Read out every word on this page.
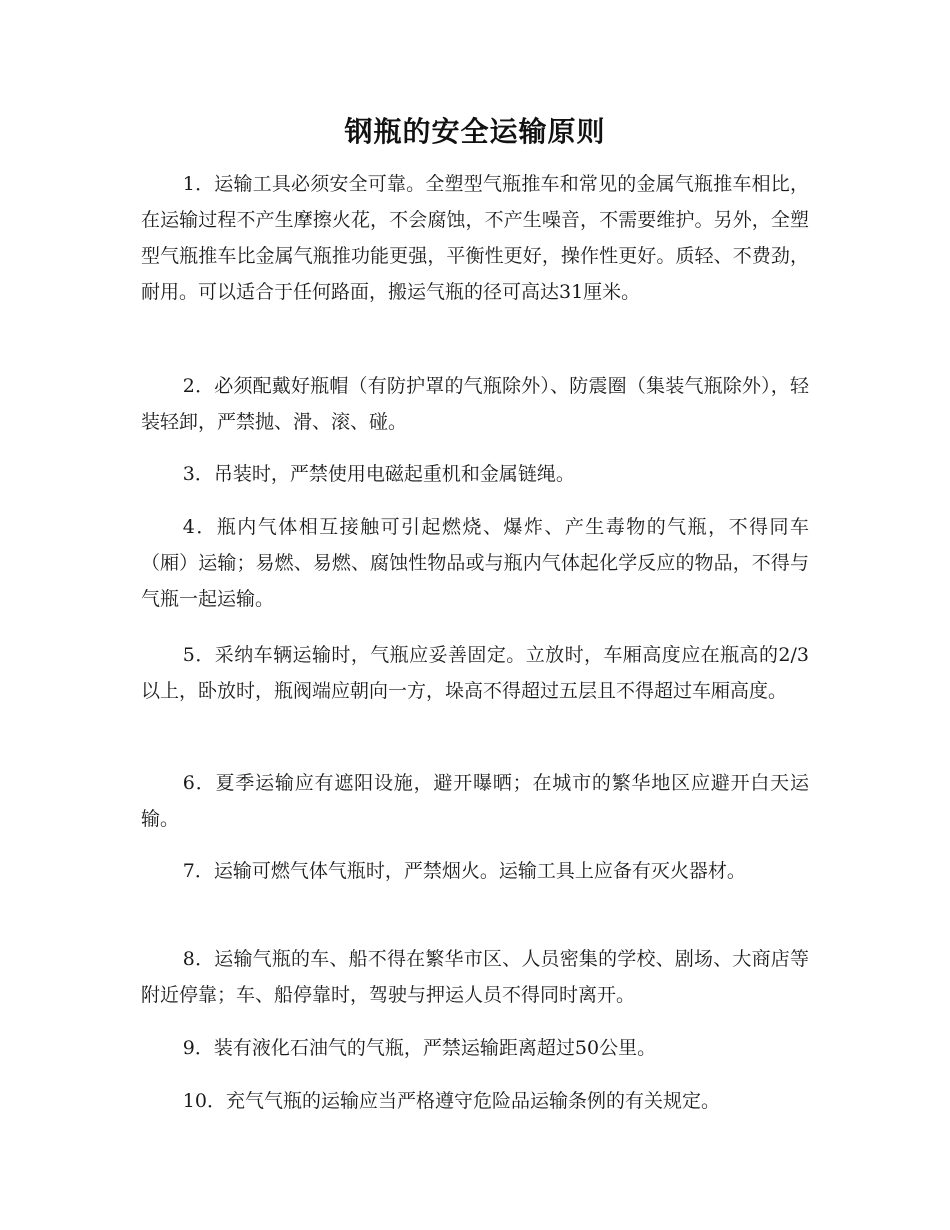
钢瓶的安全运输原则

1．运输工具必须安全可靠。全塑型气瓶推车和常见的金属气瓶推车相比，在运输过程不产生摩擦火花，不会腐蚀，不产生噪音，不需要维护。另外，全塑型气瓶推车比金属气瓶推功能更强，平衡性更好，操作性更好。质轻、不费劲，耐用。可以适合于任何路面，搬运气瓶的径可高达31厘米。

2．必须配戴好瓶帽（有防护罩的气瓶除外）、防震圈（集装气瓶除外），轻装轻卸，严禁抛、滑、滚、碰。

3．吊装时，严禁使用电磁起重机和金属链绳。

4．瓶内气体相互接触可引起燃烧、爆炸、产生毒物的气瓶，不得同车（厢）运输；易燃、易燃、腐蚀性物品或与瓶内气体起化学反应的物品，不得与气瓶一起运输。

5．采纳车辆运输时，气瓶应妥善固定。立放时，车厢高度应在瓶高的2/3以上，卧放时，瓶阀端应朝向一方，垛高不得超过五层且不得超过车厢高度。

6．夏季运输应有遮阳设施，避开曝晒；在城市的繁华地区应避开白天运输。

7．运输可燃气体气瓶时，严禁烟火。运输工具上应备有灭火器材。

8．运输气瓶的车、船不得在繁华市区、人员密集的学校、剧场、大商店等附近停靠；车、船停靠时，驾驶与押运人员不得同时离开。

9．装有液化石油气的气瓶，严禁运输距离超过50公里。

10．充气气瓶的运输应当严格遵守危险品运输条例的有关规定。
